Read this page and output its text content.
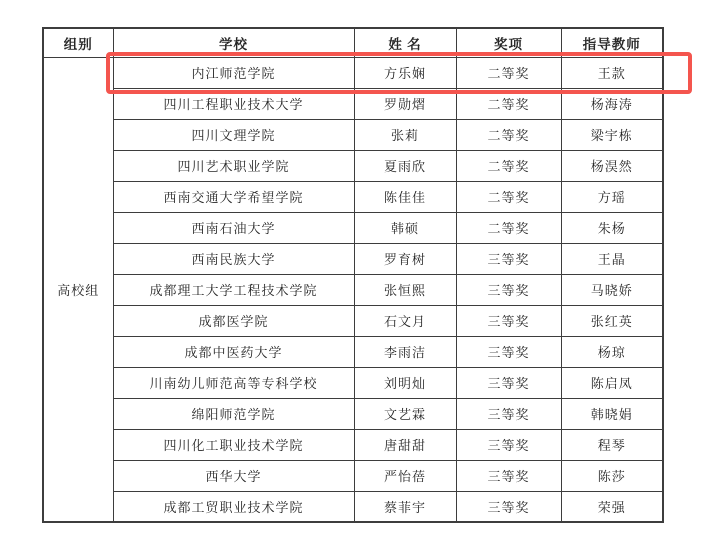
组别	学校	姓 名	奖项	指导教师
高校组	内江师范学院	方乐娴	二等奖	王款
	四川工程职业技术大学	罗勋熠	二等奖	杨海涛
	四川文理学院	张莉	二等奖	梁宇栋
	四川艺术职业学院	夏雨欣	二等奖	杨淏然
	西南交通大学希望学院	陈佳佳	二等奖	方瑶
	西南石油大学	韩硕	二等奖	朱杨
	西南民族大学	罗育树	三等奖	王晶
	成都理工大学工程技术学院	张恒熙	三等奖	马晓娇
	成都医学院	石文月	三等奖	张红英
	成都中医药大学	李雨洁	三等奖	杨琼
	川南幼儿师范高等专科学校	刘明灿	三等奖	陈启凤
	绵阳师范学院	文艺霖	三等奖	韩晓娟
	四川化工职业技术学院	唐甜甜	三等奖	程琴
	西华大学	严怡蓓	三等奖	陈莎
	成都工贸职业技术学院	蔡菲宇	三等奖	荣强
